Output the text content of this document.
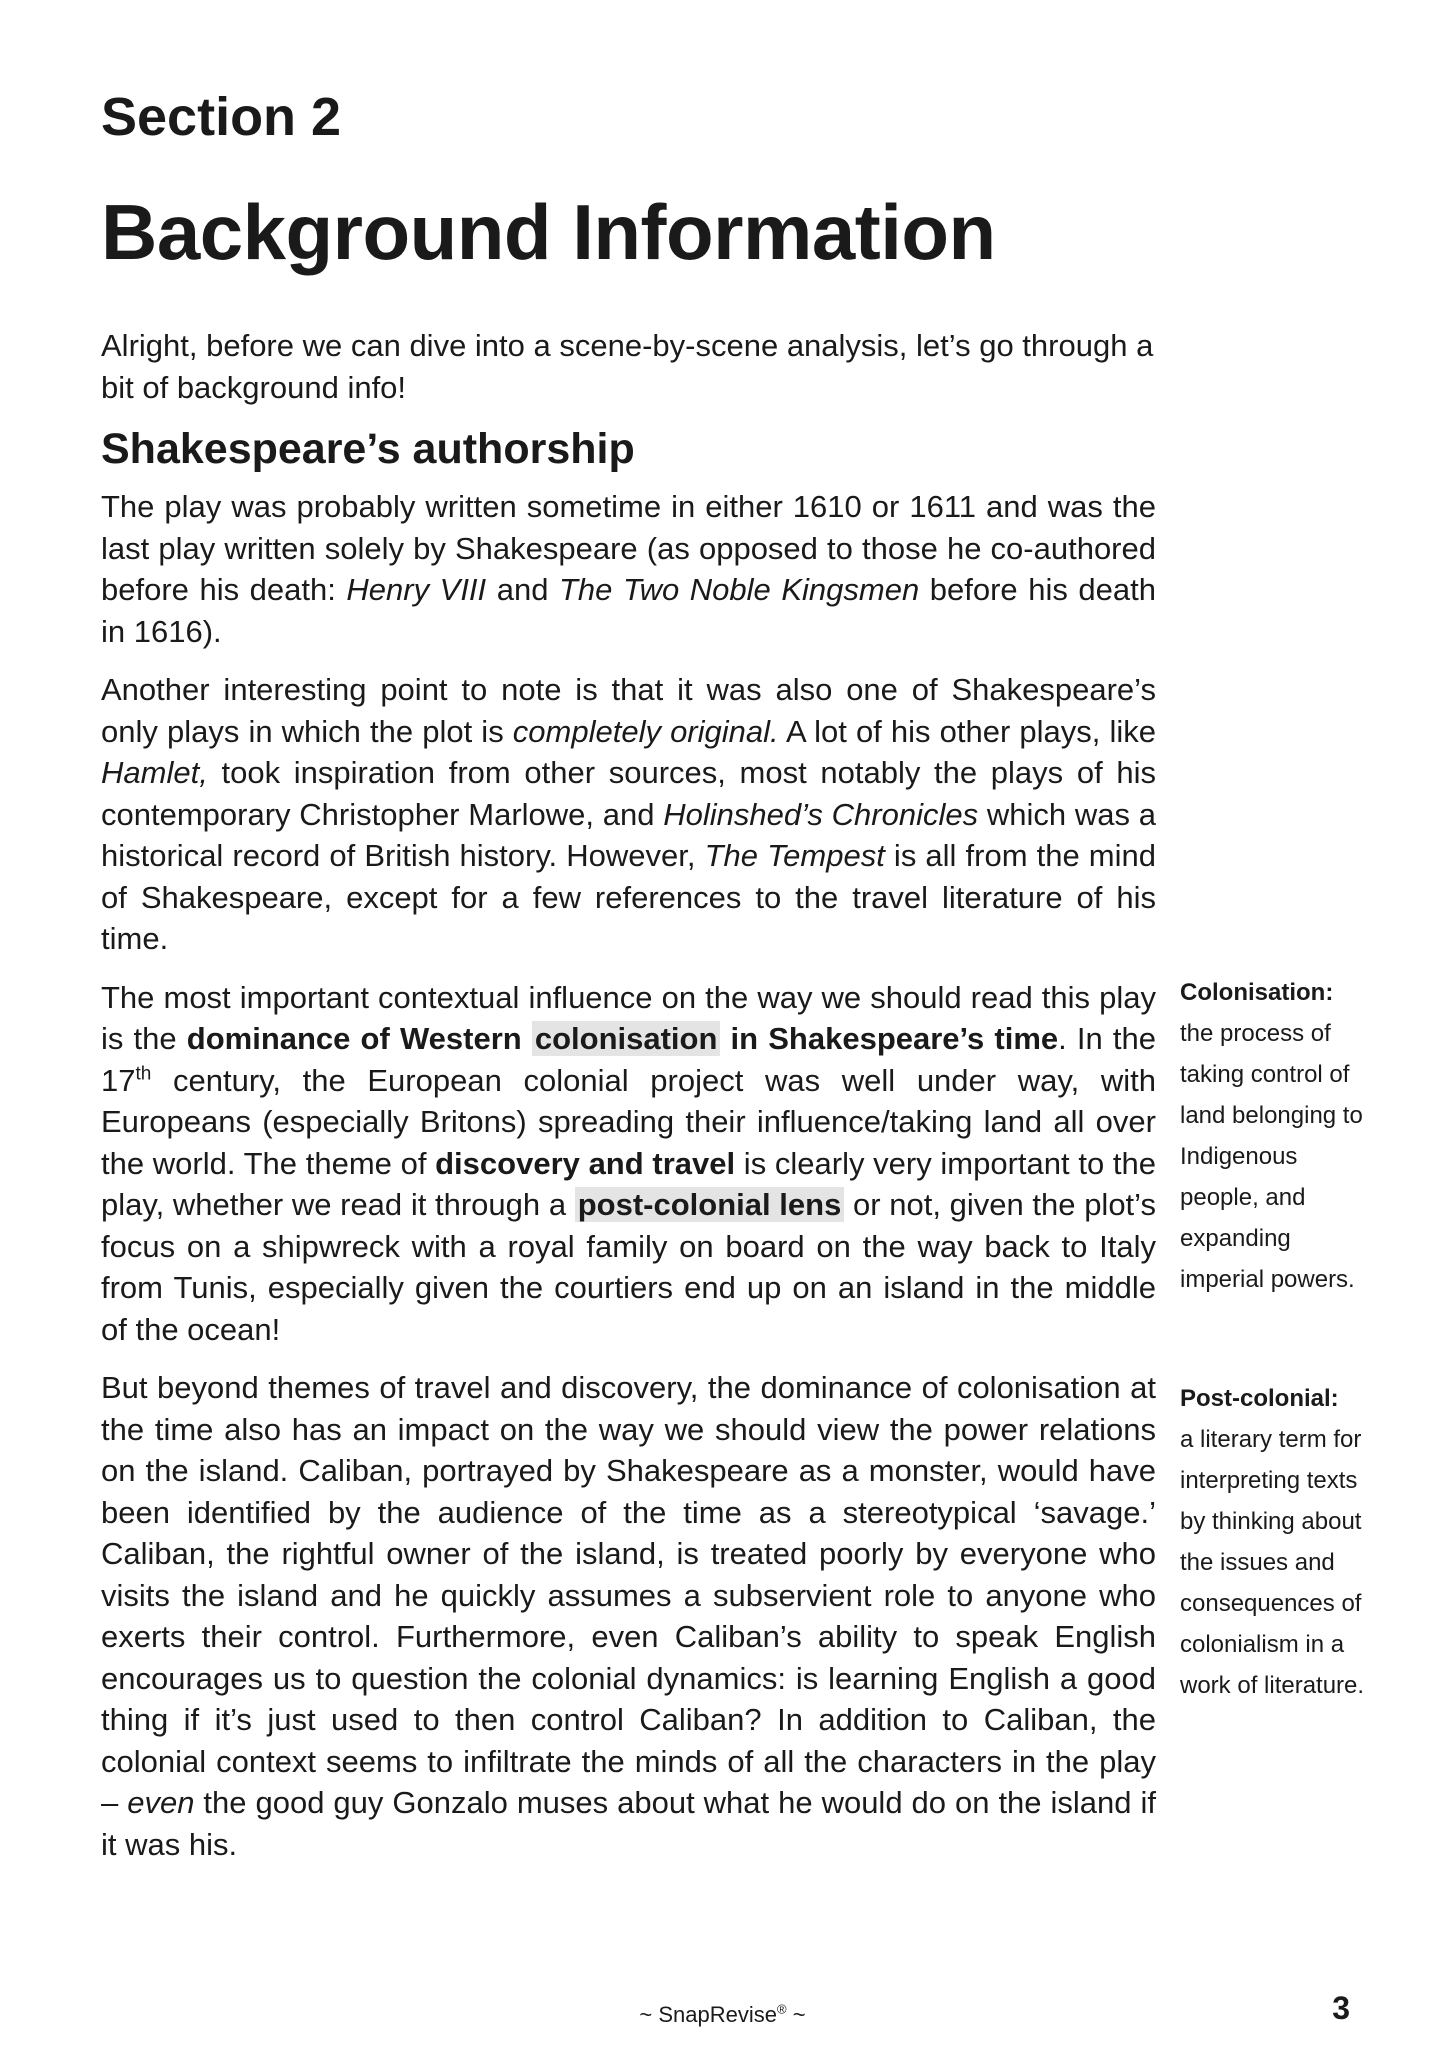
Section 2
Background Information

Alright, before we can dive into a scene-by-scene analysis, let’s go through a bit of background info!

Shakespeare’s authorship

The play was probably written sometime in either 1610 or 1611 and was the last play written solely by Shakespeare (as opposed to those he co-authored before his death: Henry VIII and The Two Noble Kingsmen before his death in 1616).

Another interesting point to note is that it was also one of Shakespeare’s only plays in which the plot is completely original. A lot of his other plays, like Hamlet, took inspiration from other sources, most notably the plays of his contemporary Christopher Marlowe, and Holinshed’s Chronicles which was a historical record of British history. However, The Tempest is all from the mind of Shakespeare, except for a few references to the travel literature of his time.

The most important contextual influence on the way we should read this play is the dominance of Western colonisation in Shakespeare’s time. In the 17th century, the European colonial project was well under way, with Europeans (especially Britons) spreading their influence/taking land all over the world. The theme of discovery and travel is clearly very important to the play, whether we read it through a post-colonial lens or not, given the plot’s focus on a shipwreck with a royal family on board on the way back to Italy from Tunis, especially given the courtiers end up on an island in the middle of the ocean!

But beyond themes of travel and discovery, the dominance of colonisation at the time also has an impact on the way we should view the power relations on the island. Caliban, portrayed by Shakespeare as a monster, would have been identified by the audience of the time as a stereotypical ‘savage.’ Caliban, the rightful owner of the island, is treated poorly by everyone who visits the island and he quickly assumes a subservient role to anyone who exerts their control. Furthermore, even Caliban’s ability to speak English encourages us to question the colonial dynamics: is learning English a good thing if it’s just used to then control Caliban? In addition to Caliban, the colonial context seems to infiltrate the minds of all the characters in the play – even the good guy Gonzalo muses about what he would do on the island if it was his.

Colonisation:

the process of taking control of land belonging to Indigenous people, and expanding imperial powers.

Post-colonial:

a literary term for interpreting texts by thinking about the issues and consequences of colonialism in a work of literature.

~ SnapRevise® ~	3
